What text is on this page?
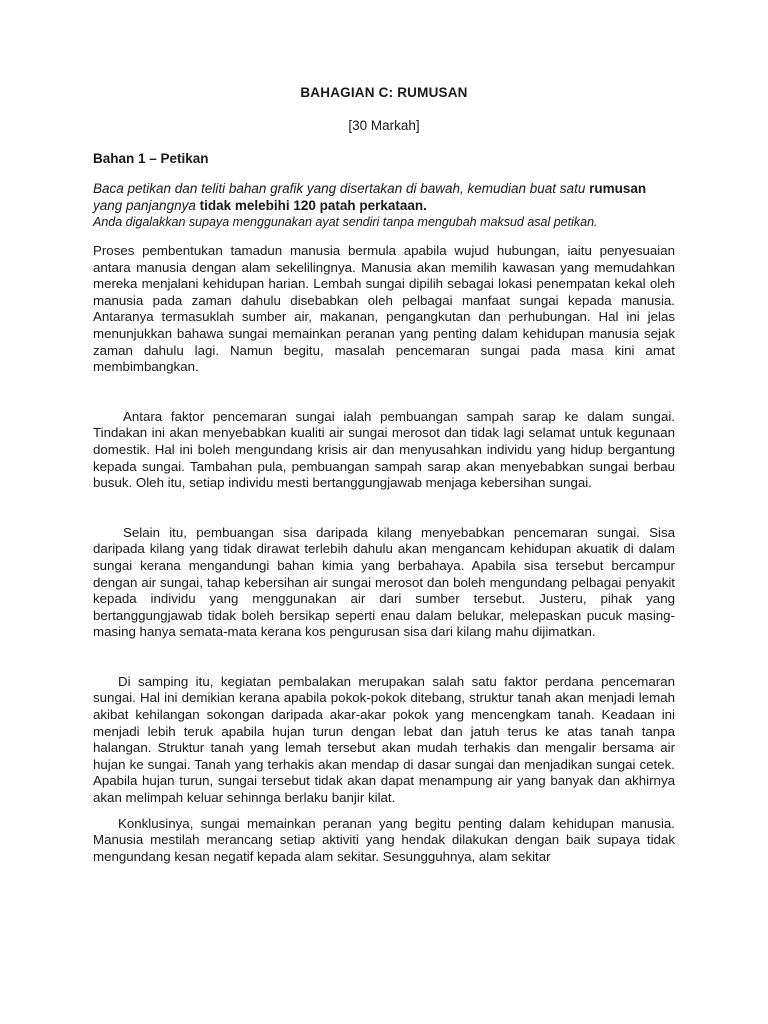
BAHAGIAN C: RUMUSAN
[30 Markah]
Bahan 1 – Petikan

Baca petikan dan teliti bahan grafik yang disertakan di bawah, kemudian buat satu rumusan yang panjangnya tidak melebihi 120 patah perkataan.

Anda digalakkan supaya menggunakan ayat sendiri tanpa mengubah maksud asal petikan.

Proses pembentukan tamadun manusia bermula apabila wujud hubungan, iaitu penyesuaian antara manusia dengan alam sekelilingnya. Manusia akan memilih kawasan yang memudahkan mereka menjalani kehidupan harian. Lembah sungai dipilih sebagai lokasi penempatan kekal oleh manusia pada zaman dahulu disebabkan oleh pelbagai manfaat sungai kepada manusia. Antaranya termasuklah sumber air, makanan, pengangkutan dan perhubungan. Hal ini jelas menunjukkan bahawa sungai memainkan peranan yang penting dalam kehidupan manusia sejak zaman dahulu lagi. Namun begitu, masalah pencemaran sungai pada masa kini amat membimbangkan.

Antara faktor pencemaran sungai ialah pembuangan sampah sarap ke dalam sungai. Tindakan ini akan menyebabkan kualiti air sungai merosot dan tidak lagi selamat untuk kegunaan domestik. Hal ini boleh mengundang krisis air dan menyusahkan individu yang hidup bergantung kepada sungai. Tambahan pula, pembuangan sampah sarap akan menyebabkan sungai berbau busuk. Oleh itu, setiap individu mesti bertanggungjawab menjaga kebersihan sungai.

Selain itu, pembuangan sisa daripada kilang menyebabkan pencemaran sungai. Sisa daripada kilang yang tidak dirawat terlebih dahulu akan mengancam kehidupan akuatik di dalam sungai kerana mengandungi bahan kimia yang berbahaya. Apabila sisa tersebut bercampur dengan air sungai, tahap kebersihan air sungai merosot dan boleh mengundang pelbagai penyakit kepada individu yang menggunakan air dari sumber tersebut. Justeru, pihak yang bertanggungjawab tidak boleh bersikap seperti enau dalam belukar, melepaskan pucuk masing-masing hanya semata-mata kerana kos pengurusan sisa dari kilang mahu dijimatkan.

Di samping itu, kegiatan pembalakan merupakan salah satu faktor perdana pencemaran sungai. Hal ini demikian kerana apabila pokok-pokok ditebang, struktur tanah akan menjadi lemah akibat kehilangan sokongan daripada akar-akar pokok yang mencengkam tanah. Keadaan ini menjadi lebih teruk apabila hujan turun dengan lebat dan jatuh terus ke atas tanah tanpa halangan. Struktur tanah yang lemah tersebut akan mudah terhakis dan mengalir bersama air hujan ke sungai. Tanah yang terhakis akan mendap di dasar sungai dan menjadikan sungai cetek. Apabila hujan turun, sungai tersebut tidak akan dapat menampung air yang banyak dan akhirnya akan melimpah keluar sehinnga berlaku banjir kilat.

Konklusinya, sungai memainkan peranan yang begitu penting dalam kehidupan manusia. Manusia mestilah merancang setiap aktiviti yang hendak dilakukan dengan baik supaya tidak mengundang kesan negatif kepada alam sekitar. Sesungguhnya, alam sekitar
